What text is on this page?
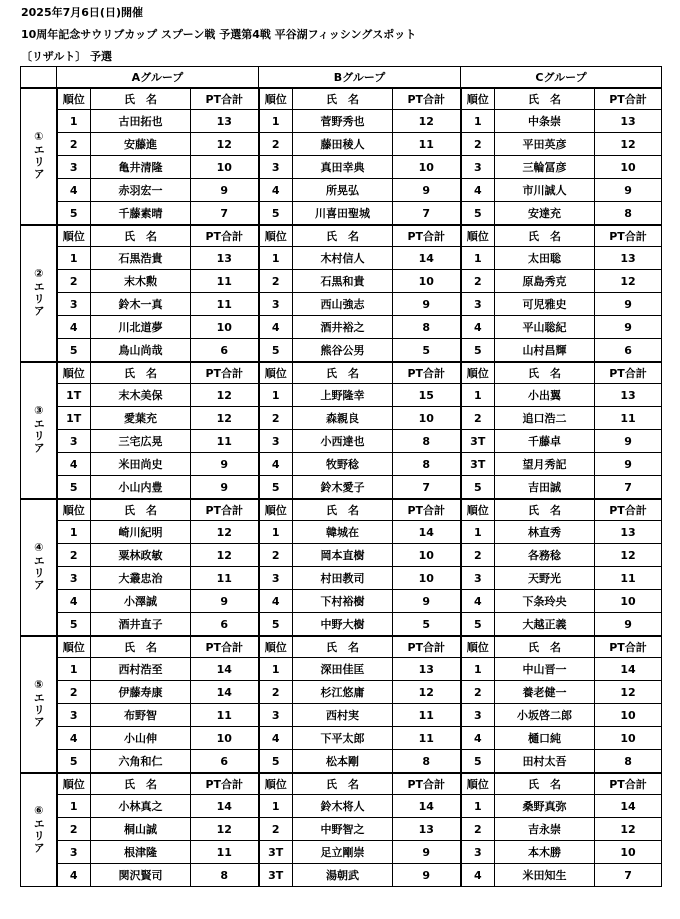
2025年7月6日(日)開催
10周年記念サウリブカップ スプーン戦 予選第4戦 平谷湖フィッシングスポット
〔リザルト〕 予選
	Aグループ			Bグループ			Cグループ		
①エリア	順位	氏　名	PT合計	順位	氏　名	PT合計	順位	氏　名	PT合計
	1	古田拓也	13	1	菅野秀也	12	1	中条崇	13
	2	安藤進	12	2	藤田稜人	11	2	平田英彦	12
	3	亀井清隆	10	3	真田幸典	10	3	三輪冨彦	10
	4	赤羽宏一	9	4	所晃弘	9	4	市川誠人	9
	5	千藤素晴	7	5	川喜田聖城	7	5	安達充	8
②エリア	順位	氏　名	PT合計	順位	氏　名	PT合計	順位	氏　名	PT合計
	1	石黒浩貴	13	1	木村信人	14	1	太田聡	13
	2	末木勲	11	2	石黒和貴	10	2	原島秀克	12
	3	鈴木一真	11	3	西山強志	9	3	可児雅史	9
	4	川北道夢	10	4	酒井裕之	8	4	平山聡紀	9
	5	鳥山尚哉	6	5	熊谷公男	5	5	山村昌輝	6
③エリア	順位	氏　名	PT合計	順位	氏　名	PT合計	順位	氏　名	PT合計
	1T	末木美保	12	1	上野隆幸	15	1	小出翼	13
	1T	愛葉充	12	2	森親良	10	2	追口浩二	11
	3	三宅広晃	11	3	小西達也	8	3T	千藤卓	9
	4	米田尚史	9	4	牧野稔	8	3T	望月秀記	9
	5	小山内豊	9	5	鈴木愛子	7	5	吉田誠	7
④エリア	順位	氏　名	PT合計	順位	氏　名	PT合計	順位	氏　名	PT合計
	1	崎川紀明	12	1	韓城在	14	1	林直秀	13
	2	粟林政敏	12	2	岡本直樹	10	2	各務稔	12
	3	大叢忠治	11	3	村田教司	10	3	天野光	11
	4	小澤誠	9	4	下村裕樹	9	4	下条玲央	10
	5	酒井直子	6	5	中野大樹	5	5	大越正義	9
⑤エリア	順位	氏　名	PT合計	順位	氏　名	PT合計	順位	氏　名	PT合計
	1	西村浩至	14	1	深田佳匡	13	1	中山晋一	14
	2	伊藤寿康	14	2	杉江悠庸	12	2	養老健一	12
	3	布野智	11	3	西村実	11	3	小坂啓二郎	10
	4	小山伸	10	4	下平太郎	11	4	樋口純	10
	5	六角和仁	6	5	松本剛	8	5	田村太吾	8
⑥エリア	順位	氏　名	PT合計	順位	氏　名	PT合計	順位	氏　名	PT合計
	1	小林真之	14	1	鈴木将人	14	1	桑野真弥	14
	2	桐山誠	12	2	中野智之	13	2	吉永崇	12
	3	根津隆	11	3T	足立剛崇	9	3	本木勝	10
	4	関沢賢司	8	3T	湯朝武	9	4	米田知生	7
